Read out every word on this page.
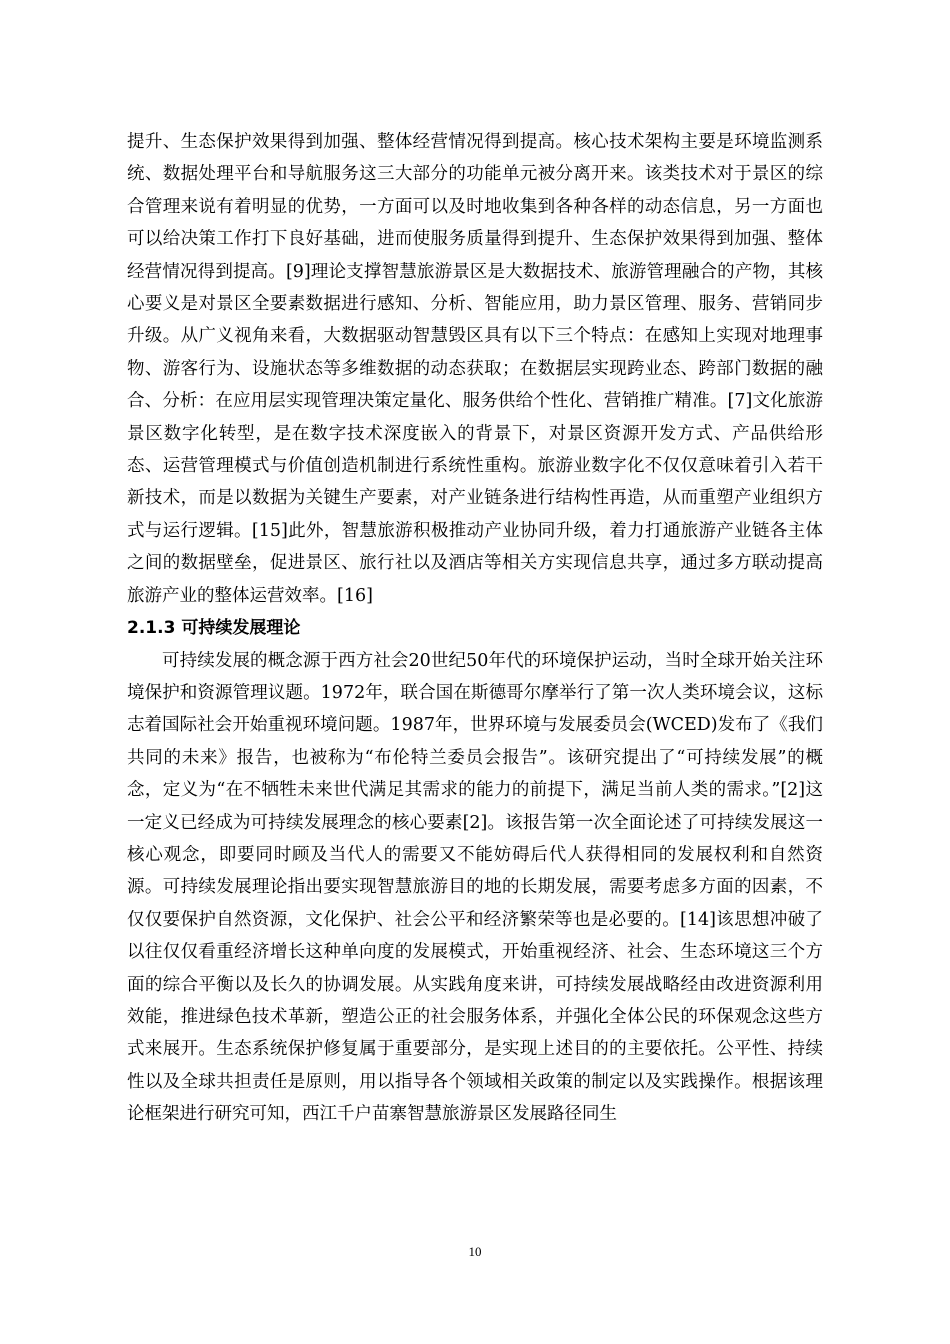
提升、生态保护效果得到加强、整体经营情况得到提高。核心技术架构主要是环境监测系统、数据处理平台和导航服务这三大部分的功能单元被分离开来。该类技术对于景区的综合管理来说有着明显的优势，一方面可以及时地收集到各种各样的动态信息，另一方面也可以给决策工作打下良好基础，进而使服务质量得到提升、生态保护效果得到加强、整体经营情况得到提高。[9]理论支撑智慧旅游景区是大数据技术、旅游管理融合的产物，其核心要义是对景区全要素数据进行感知、分析、智能应用，助力景区管理、服务、营销同步升级。从广义视角来看，大数据驱动智慧毁区具有以下三个特点：在感知上实现对地理事物、游客行为、设施状态等多维数据的动态获取；在数据层实现跨业态、跨部门数据的融合、分析：在应用层实现管理决策定量化、服务供给个性化、营销推广精准。[7]文化旅游景区数字化转型，是在数字技术深度嵌入的背景下，对景区资源开发方式、产品供给形态、运营管理模式与价值创造机制进行系统性重构。旅游业数字化不仅仅意味着引入若干新技术，而是以数据为关键生产要素，对产业链条进行结构性再造，从而重塑产业组织方式与运行逻辑。[15]此外，智慧旅游积极推动产业协同升级，着力打通旅游产业链各主体之间的数据壁垒，促进景区、旅行社以及酒店等相关方实现信息共享，通过多方联动提高旅游产业的整体运营效率。[16]

2.1.3 可持续发展理论

可持续发展的概念源于西方社会20世纪50年代的环境保护运动，当时全球开始关注环境保护和资源管理议题。1972年，联合国在斯德哥尔摩举行了第一次人类环境会议，这标志着国际社会开始重视环境问题。1987年，世界环境与发展委员会(WCED)发布了《我们共同的未来》报告，也被称为“布伦特兰委员会报告”。该研究提出了“可持续发展”的概念，定义为“在不牺牲未来世代满足其需求的能力的前提下，满足当前人类的需求。”[2]这一定义已经成为可持续发展理念的核心要素[2]。该报告第一次全面论述了可持续发展这一核心观念，即要同时顾及当代人的需要又不能妨碍后代人获得相同的发展权利和自然资源。可持续发展理论指出要实现智慧旅游目的地的长期发展，需要考虑多方面的因素，不仅仅要保护自然资源，文化保护、社会公平和经济繁荣等也是必要的。[14]该思想冲破了以往仅仅看重经济增长这种单向度的发展模式，开始重视经济、社会、生态环境这三个方面的综合平衡以及长久的协调发展。从实践角度来讲，可持续发展战略经由改进资源利用效能，推进绿色技术革新，塑造公正的社会服务体系，并强化全体公民的环保观念这些方式来展开。生态系统保护修复属于重要部分，是实现上述目的的主要依托。公平性、持续性以及全球共担责任是原则，用以指导各个领域相关政策的制定以及实践操作。根据该理论框架进行研究可知，西江千户苗寨智慧旅游景区发展路径同生

10
